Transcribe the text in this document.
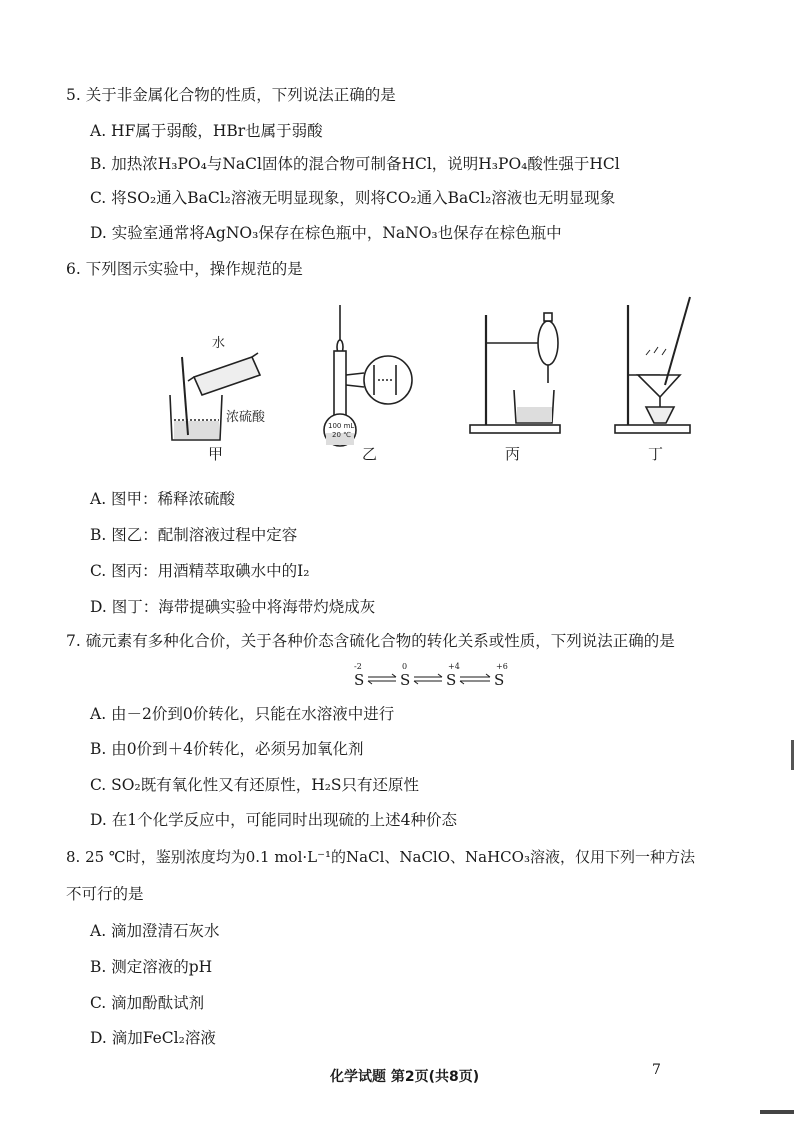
5. 关于非金属化合物的性质，下列说法正确的是
A. HF属于弱酸，HBr也属于弱酸
B. 加热浓H₃PO₄与NaCl固体的混合物可制备HCl，说明H₃PO₄酸性强于HCl
C. 将SO₂通入BaCl₂溶液无明显现象，则将CO₂通入BaCl₂溶液也无明显现象
D. 实验室通常将AgNO₃保存在棕色瓶中，NaNO₃也保存在棕色瓶中
6. 下列图示实验中，操作规范的是
水
浓硫酸
100 mL
20 ℃
甲	乙	丙	丁
A. 图甲：稀释浓硫酸
B. 图乙：配制溶液过程中定容
C. 图丙：用酒精萃取碘水中的I₂
D. 图丁：海带提碘实验中将海带灼烧成灰
7. 硫元素有多种化合价，关于各种价态含硫化合物的转化关系或性质，下列说法正确的是
-2
S
0
S
+4
S
+6
S
A. 由－2价到0价转化，只能在水溶液中进行
B. 由0价到＋4价转化，必须另加氧化剂
C. SO₂既有氧化性又有还原性，H₂S只有还原性
D. 在1个化学反应中，可能同时出现硫的上述4种价态
8. 25 ℃时，鉴别浓度均为0.1 mol·L⁻¹的NaCl、NaClO、NaHCO₃溶液，仅用下列一种方法
不可行的是
A. 滴加澄清石灰水
B. 测定溶液的pH
C. 滴加酚酞试剂
D. 滴加FeCl₂溶液
化学试题 第2页(共8页)	7
